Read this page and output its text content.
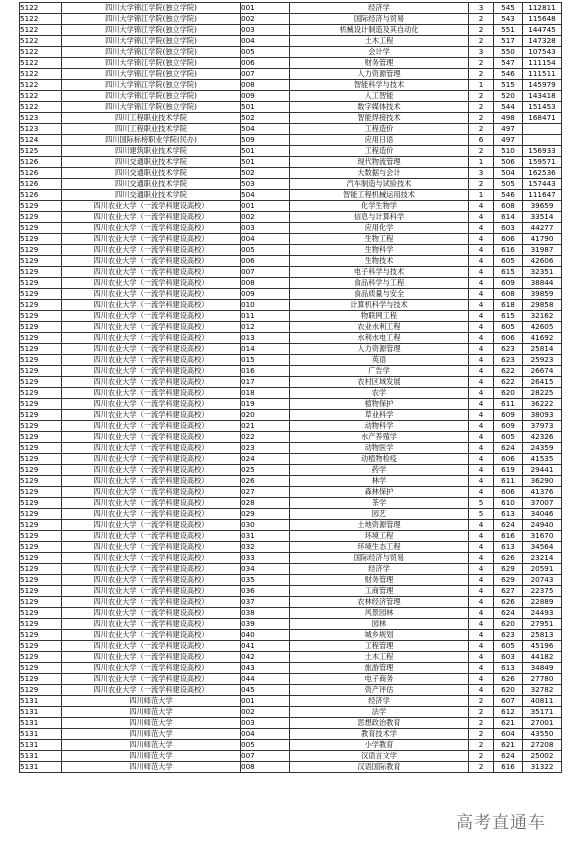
5122	四川大学锦江学院(独立学院)	001	经济学	3	545	112811
5122	四川大学锦江学院(独立学院)	002	国际经济与贸易	2	543	115648
5122	四川大学锦江学院(独立学院)	003	机械设计制造及其自动化	2	551	144745
5122	四川大学锦江学院(独立学院)	004	土木工程	2	517	147328
5122	四川大学锦江学院(独立学院)	005	会计学	3	550	107543
5122	四川大学锦江学院(独立学院)	006	财务管理	2	547	111154
5122	四川大学锦江学院(独立学院)	007	人力资源管理	2	546	111511
5122	四川大学锦江学院(独立学院)	008	智能科学与技术	1	515	145979
5122	四川大学锦江学院(独立学院)	009	人工智能	2	520	143418
5122	四川大学锦江学院(独立学院)	501	数字媒体技术	2	544	151453
5123	四川工程职业技术学院	502	智能焊接技术	2	498	168471
5123	四川工程职业技术学院	504	工程造价	2	497	
5124	四川国际标榜职业学院(民办)	509	应用日语	6	497	
5125	四川建筑职业技术学院	501	工程造价	2	510	156933
5126	四川交通职业技术学院	501	现代物流管理	1	506	159571
5126	四川交通职业技术学院	502	大数据与会计	3	504	162536
5126	四川交通职业技术学院	503	汽车制造与试验技术	2	505	157443
5126	四川交通职业技术学院	504	智能工程机械运用技术	1	546	111647
5129	四川农业大学（一流学科建设高校）	001	化学生物学	4	608	39659
5129	四川农业大学（一流学科建设高校）	002	信息与计算科学	4	614	33514
5129	四川农业大学（一流学科建设高校）	003	应用化学	4	603	44277
5129	四川农业大学（一流学科建设高校）	004	生物工程	4	606	41790
5129	四川农业大学（一流学科建设高校）	005	生物科学	4	616	31987
5129	四川农业大学（一流学科建设高校）	006	生物技术	4	605	42606
5129	四川农业大学（一流学科建设高校）	007	电子科学与技术	4	615	32351
5129	四川农业大学（一流学科建设高校）	008	食品科学与工程	4	609	38844
5129	四川农业大学（一流学科建设高校）	009	食品质量与安全	4	608	39859
5129	四川农业大学（一流学科建设高校）	010	计算机科学与技术	4	618	29858
5129	四川农业大学（一流学科建设高校）	011	物联网工程	4	615	32162
5129	四川农业大学（一流学科建设高校）	012	农业水利工程	4	605	42605
5129	四川农业大学（一流学科建设高校）	013	水利水电工程	4	606	41692
5129	四川农业大学（一流学科建设高校）	014	人力资源管理	4	623	25814
5129	四川农业大学（一流学科建设高校）	015	英语	4	623	25923
5129	四川农业大学（一流学科建设高校）	016	广告学	4	622	26674
5129	四川农业大学（一流学科建设高校）	017	农村区域发展	4	622	26415
5129	四川农业大学（一流学科建设高校）	018	农学	4	620	28225
5129	四川农业大学（一流学科建设高校）	019	植物保护	4	611	36222
5129	四川农业大学（一流学科建设高校）	020	草业科学	4	609	38093
5129	四川农业大学（一流学科建设高校）	021	动物科学	4	609	37973
5129	四川农业大学（一流学科建设高校）	022	水产养殖学	4	605	42326
5129	四川农业大学（一流学科建设高校）	023	动物医学	4	624	24359
5129	四川农业大学（一流学科建设高校）	024	动植物检疫	4	606	41535
5129	四川农业大学（一流学科建设高校）	025	药学	4	619	29441
5129	四川农业大学（一流学科建设高校）	026	林学	4	611	36290
5129	四川农业大学（一流学科建设高校）	027	森林保护	4	606	41376
5129	四川农业大学（一流学科建设高校）	028	茶学	5	610	37007
5129	四川农业大学（一流学科建设高校）	029	园艺	5	613	34046
5129	四川农业大学（一流学科建设高校）	030	土地资源管理	4	624	24940
5129	四川农业大学（一流学科建设高校）	031	环境工程	4	616	31670
5129	四川农业大学（一流学科建设高校）	032	环境生态工程	4	613	34564
5129	四川农业大学（一流学科建设高校）	033	国际经济与贸易	4	626	23214
5129	四川农业大学（一流学科建设高校）	034	经济学	4	629	20591
5129	四川农业大学（一流学科建设高校）	035	财务管理	4	629	20743
5129	四川农业大学（一流学科建设高校）	036	工商管理	4	627	22375
5129	四川农业大学（一流学科建设高校）	037	农林经济管理	4	626	22889
5129	四川农业大学（一流学科建设高校）	038	风景园林	4	624	24493
5129	四川农业大学（一流学科建设高校）	039	园林	4	620	27951
5129	四川农业大学（一流学科建设高校）	040	城乡规划	4	623	25813
5129	四川农业大学（一流学科建设高校）	041	工程管理	4	605	45196
5129	四川农业大学（一流学科建设高校）	042	土木工程	4	603	44182
5129	四川农业大学（一流学科建设高校）	043	旅游管理	4	613	34849
5129	四川农业大学（一流学科建设高校）	044	电子商务	4	626	27780
5129	四川农业大学（一流学科建设高校）	045	资产评估	4	620	32782
5131	四川师范大学	001	经济学	2	607	40811
5131	四川师范大学	002	法学	2	612	35171
5131	四川师范大学	003	思想政治教育	2	621	27001
5131	四川师范大学	004	教育技术学	2	604	43550
5131	四川师范大学	005	小学教育	2	621	27208
5131	四川师范大学	007	汉语言文学	2	624	25002
5131	四川师范大学	008	汉语国际教育	2	616	31322
高考直通车
